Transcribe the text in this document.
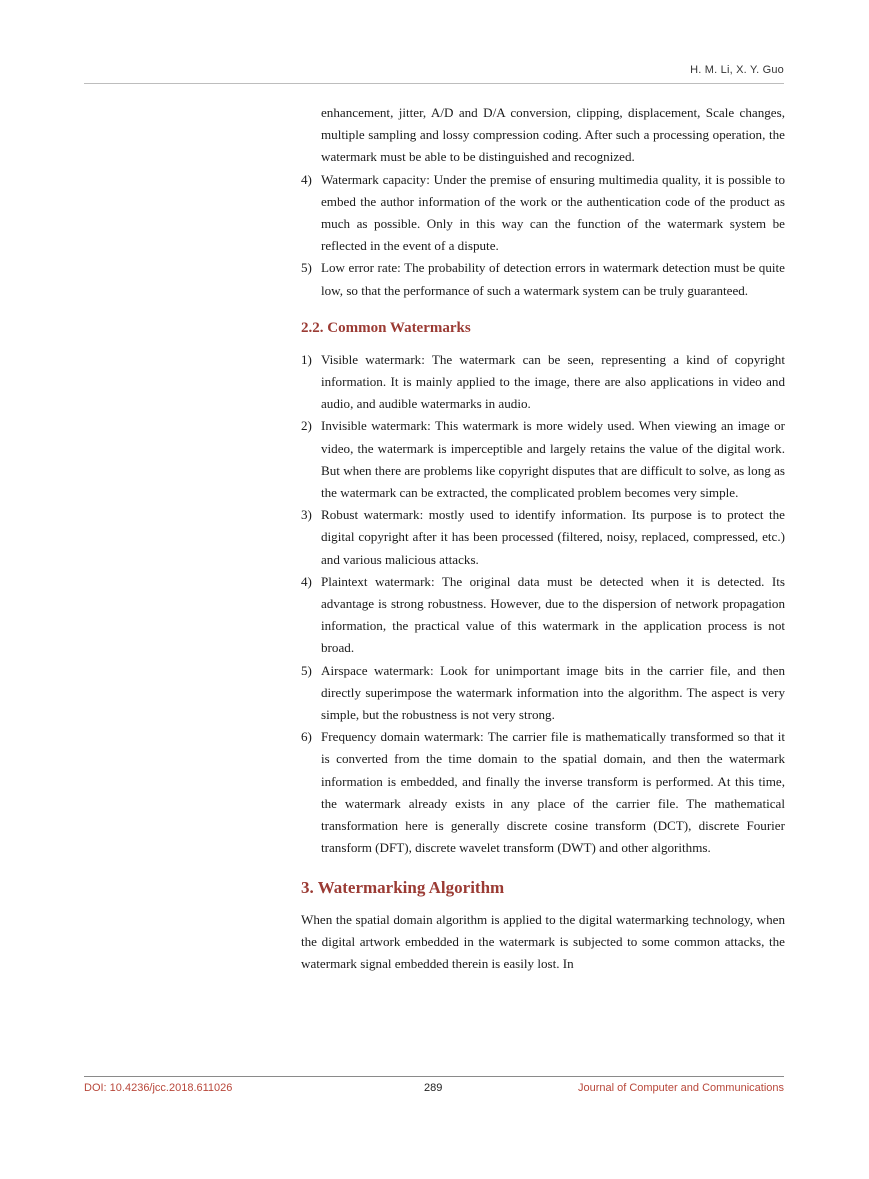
H. M. Li, X. Y. Guo

enhancement, jitter, A/D and D/A conversion, clipping, displacement, Scale changes, multiple sampling and lossy compression coding. After such a processing operation, the watermark must be able to be distinguished and recognized.

4) Watermark capacity: Under the premise of ensuring multimedia quality, it is possible to embed the author information of the work or the authentication code of the product as much as possible. Only in this way can the function of the watermark system be reflected in the event of a dispute.
5) Low error rate: The probability of detection errors in watermark detection must be quite low, so that the performance of such a watermark system can be truly guaranteed.
2.2. Common Watermarks
1) Visible watermark: The watermark can be seen, representing a kind of copyright information. It is mainly applied to the image, there are also applications in video and audio, and audible watermarks in audio.
2) Invisible watermark: This watermark is more widely used. When viewing an image or video, the watermark is imperceptible and largely retains the value of the digital work. But when there are problems like copyright disputes that are difficult to solve, as long as the watermark can be extracted, the complicated problem becomes very simple.
3) Robust watermark: mostly used to identify information. Its purpose is to protect the digital copyright after it has been processed (filtered, noisy, replaced, compressed, etc.) and various malicious attacks.
4) Plaintext watermark: The original data must be detected when it is detected. Its advantage is strong robustness. However, due to the dispersion of network propagation information, the practical value of this watermark in the application process is not broad.
5) Airspace watermark: Look for unimportant image bits in the carrier file, and then directly superimpose the watermark information into the algorithm. The aspect is very simple, but the robustness is not very strong.
6) Frequency domain watermark: The carrier file is mathematically transformed so that it is converted from the time domain to the spatial domain, and then the watermark information is embedded, and finally the inverse transform is performed. At this time, the watermark already exists in any place of the carrier file. The mathematical transformation here is generally discrete cosine transform (DCT), discrete Fourier transform (DFT), discrete wavelet transform (DWT) and other algorithms.
3. Watermarking Algorithm

When the spatial domain algorithm is applied to the digital watermarking technology, when the digital artwork embedded in the watermark is subjected to some common attacks, the watermark signal embedded therein is easily lost. In

DOI: 10.4236/jcc.2018.611026	289	Journal of Computer and Communications
